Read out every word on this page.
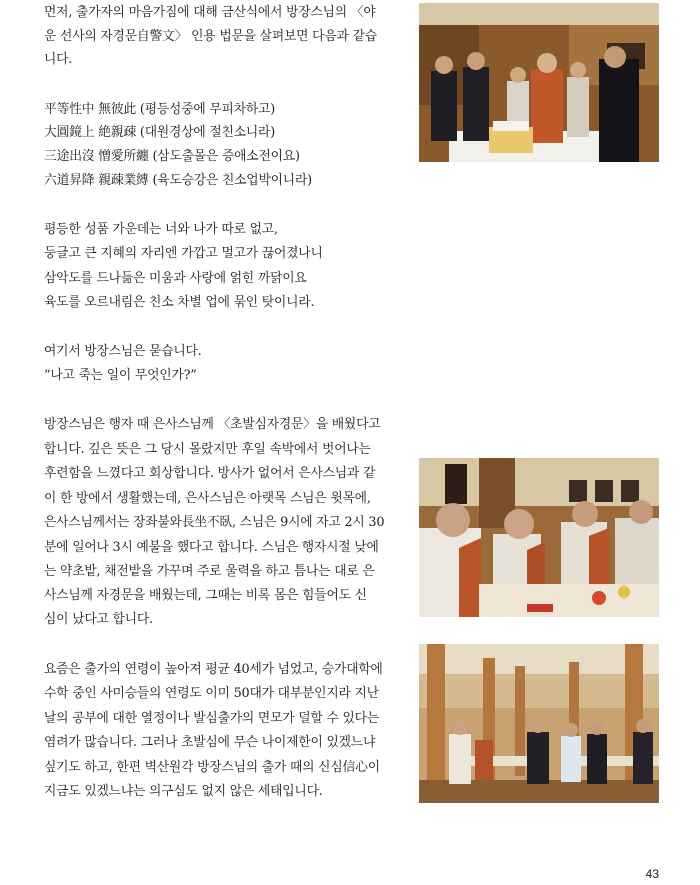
먼저, 출가자의 마음가짐에 대해 금산식에서 방장스님의 〈야
운 선사의 자경문自警文〉 인용 법문을 살펴보면 다음과 같습
니다.
平等性中 無彼此 (평등성중에 무피차하고)
大圓鏡上 絶親疎 (대원경상에 절친소니라)
三途出沒 憎愛所纏 (삼도출몰은 증애소전이요)
六道昇降 親疎業縛 (육도승강은 친소업박이니라)
평등한 성품 가운데는 너와 나가 따로 없고,
둥글고 큰 지혜의 자리엔 가깝고 멀고가 끊어졌나니
삼악도를 드나듦은 미움과 사랑에 얽힌 까닭이요
육도를 오르내림은 친소 차별 업에 묶인 탓이니라.
여기서 방장스님은 묻습니다.
“나고 죽는 일이 무엇인가?”
방장스님은 행자 때 은사스님께 〈초발심자경문〉을 배웠다고
합니다. 깊은 뜻은 그 당시 몰랐지만 후일 속박에서 벗어나는
후련함을 느꼈다고 회상합니다. 방사가 없어서 은사스님과 같
이 한 방에서 생활했는데, 은사스님은 아랫목 스님은 윗목에,
은사스님께서는 장좌불와長坐不臥, 스님은 9시에 자고 2시 30
분에 일어나 3시 예불을 했다고 합니다. 스님은 행자시절 낮에
는 약초밭, 채전밭을 가꾸며 주로 울력을 하고 틈나는 대로 은
사스님께 자경문을 배웠는데, 그때는 비록 몸은 힘들어도 신
심이 났다고 합니다.
요즘은 출가의 연령이 높아져 평균 40세가 넘었고, 승가대학에
수학 중인 사미승들의 연령도 이미 50대가 대부분인지라 지난
날의 공부에 대한 열정이나 발심출가의 면모가 덜할 수 있다는
염려가 많습니다. 그러나 초발심에 무슨 나이제한이 있겠느냐
싶기도 하고, 한편 벽산원각 방장스님의 출가 때의 신심信心이
지금도 있겠느냐는 의구심도 없지 않은 세태입니다.
43
